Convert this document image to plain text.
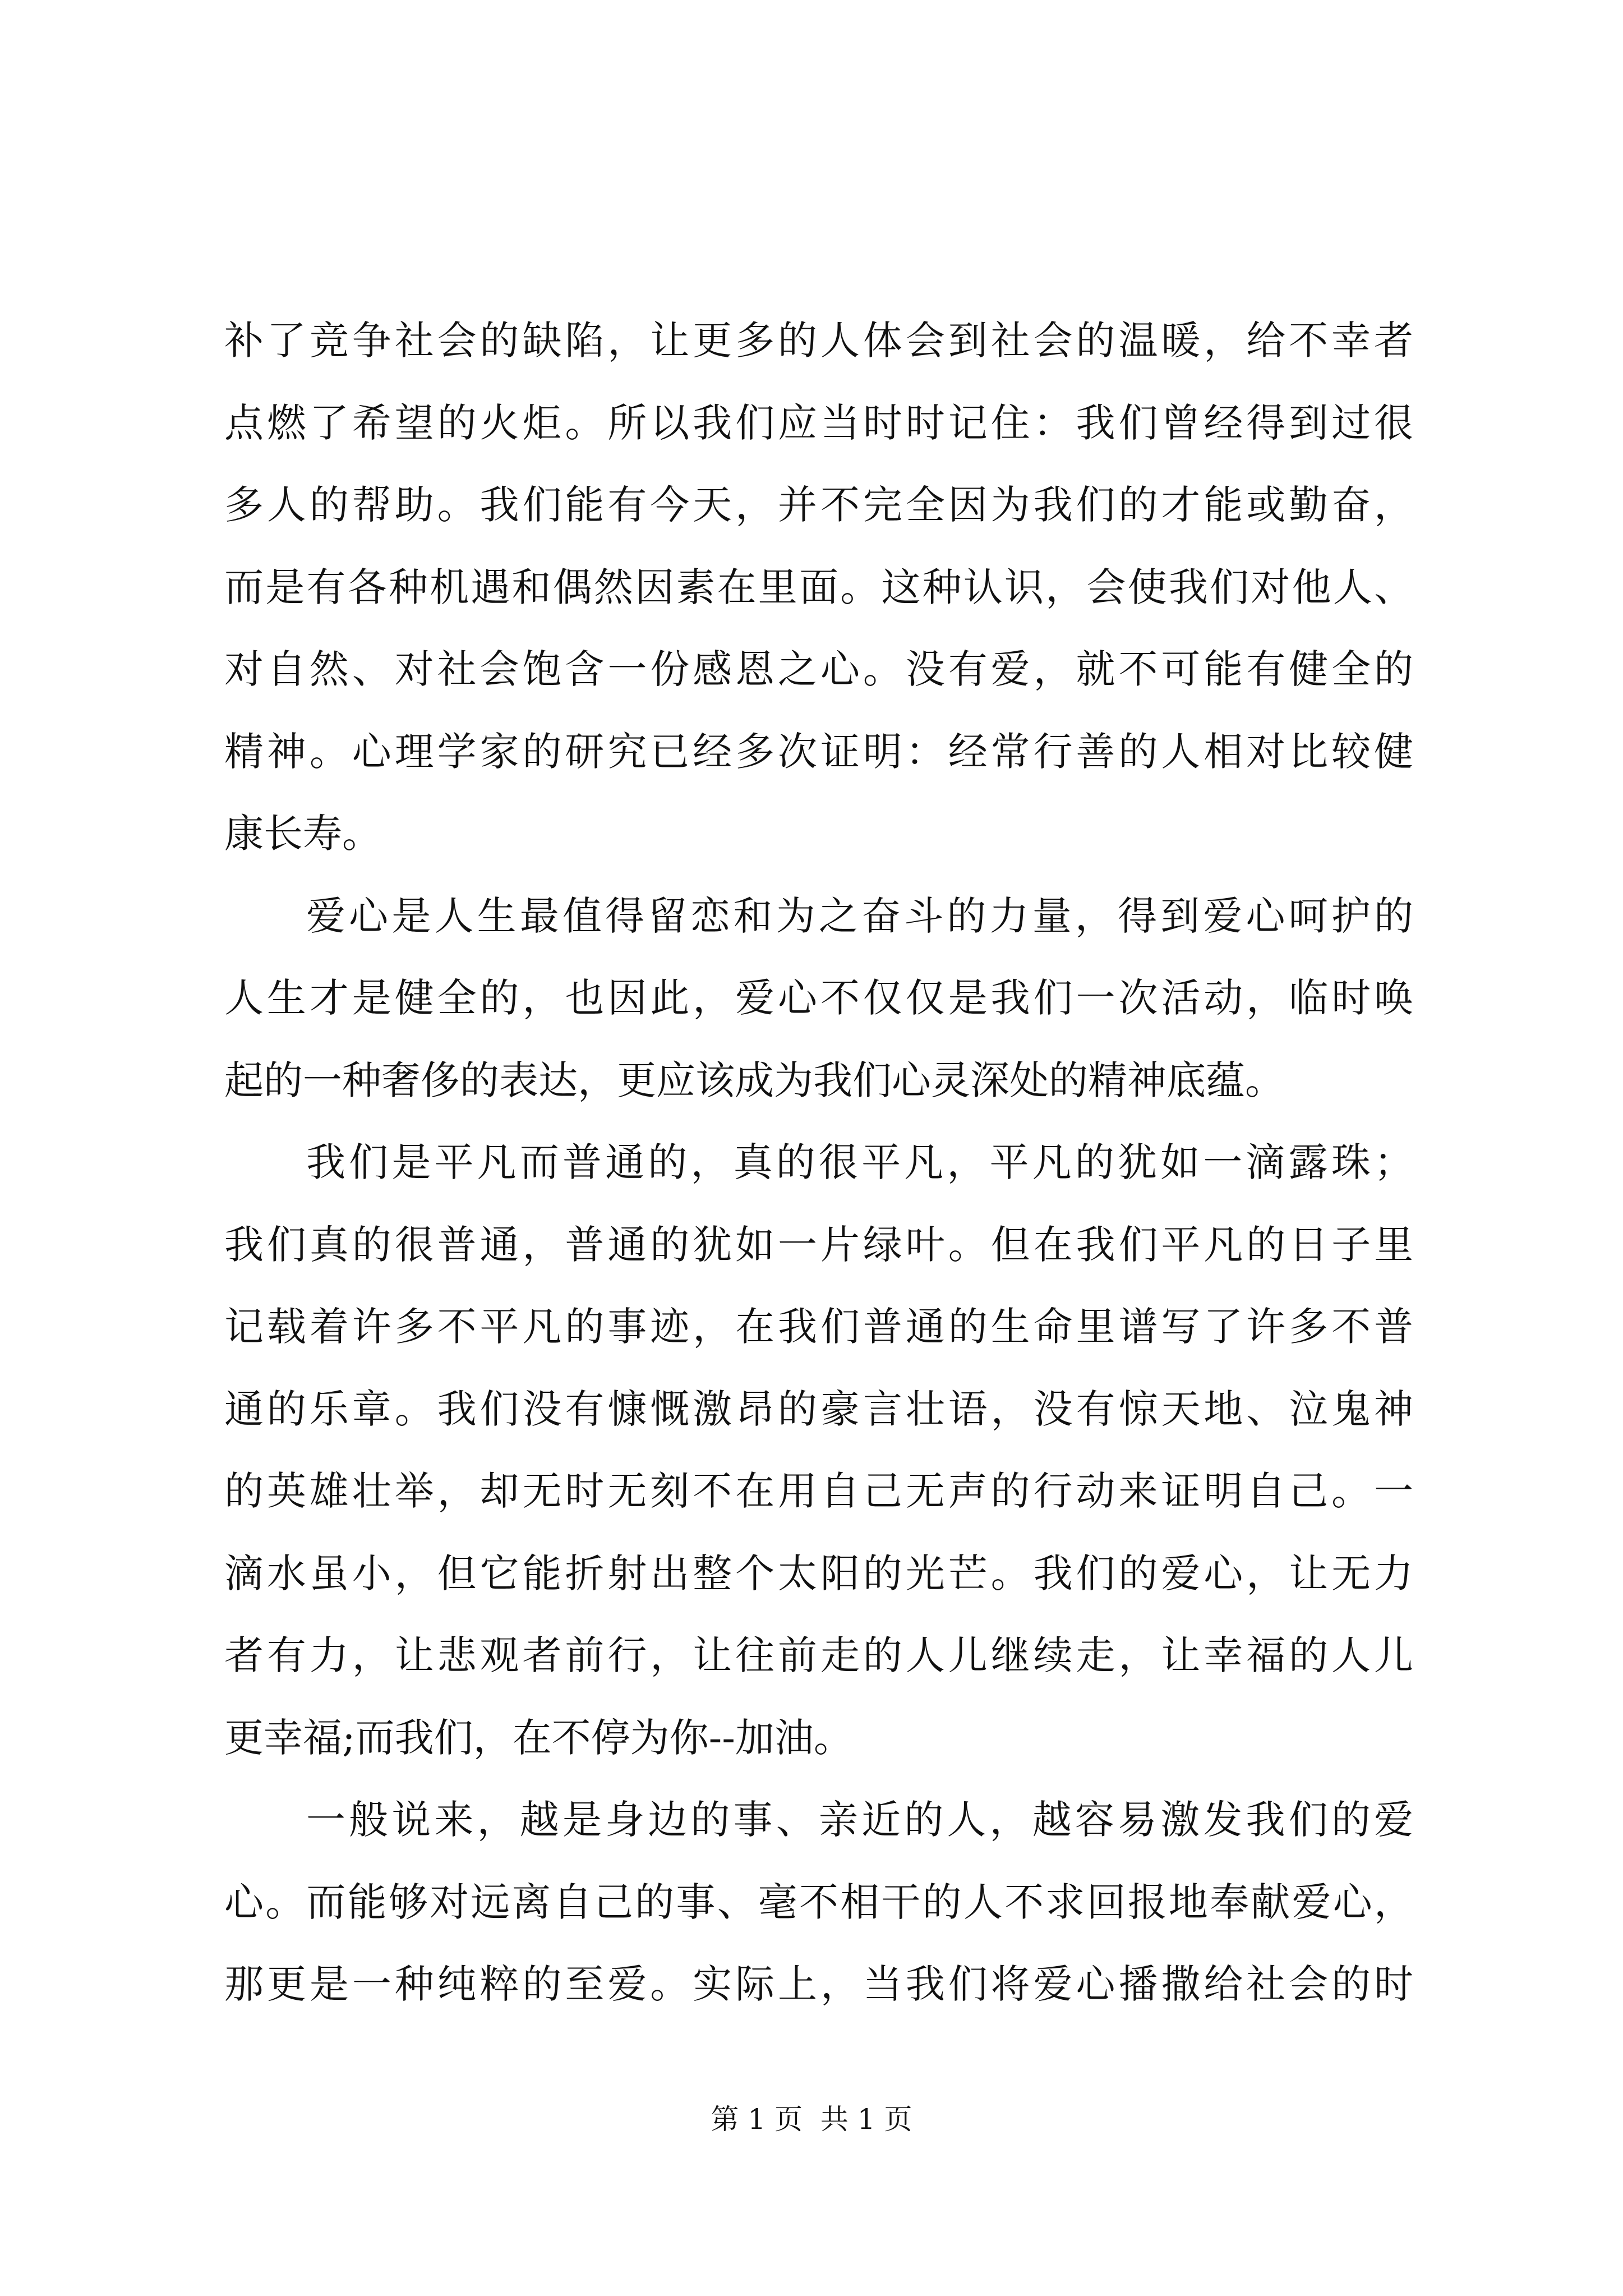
补了竞争社会的缺陷，让更多的人体会到社会的温暖，给不幸者
点燃了希望的火炬。所以我们应当时时记住：我们曾经得到过很
多人的帮助。我们能有今天，并不完全因为我们的才能或勤奋，
而是有各种机遇和偶然因素在里面。这种认识，会使我们对他人、
对自然、对社会饱含一份感恩之心。没有爱，就不可能有健全的
精神。心理学家的研究已经多次证明：经常行善的人相对比较健
康长寿。
爱心是人生最值得留恋和为之奋斗的力量，得到爱心呵护的
人生才是健全的，也因此，爱心不仅仅是我们一次活动，临时唤
起的一种奢侈的表达，更应该成为我们心灵深处的精神底蕴。
我们是平凡而普通的，真的很平凡，平凡的犹如一滴露珠；
我们真的很普通，普通的犹如一片绿叶。但在我们平凡的日子里
记载着许多不平凡的事迹，在我们普通的生命里谱写了许多不普
通的乐章。我们没有慷慨激昂的豪言壮语，没有惊天地、泣鬼神
的英雄壮举，却无时无刻不在用自己无声的行动来证明自己。一
滴水虽小，但它能折射出整个太阳的光芒。我们的爱心，让无力
者有力，让悲观者前行，让往前走的人儿继续走，让幸福的人儿
更幸福;而我们，在不停为你--加油。
一般说来，越是身边的事、亲近的人，越容易激发我们的爱
心。而能够对远离自己的事、毫不相干的人不求回报地奉献爱心，
那更是一种纯粹的至爱。实际上，当我们将爱心播撒给社会的时
第 1 页  共 1 页
